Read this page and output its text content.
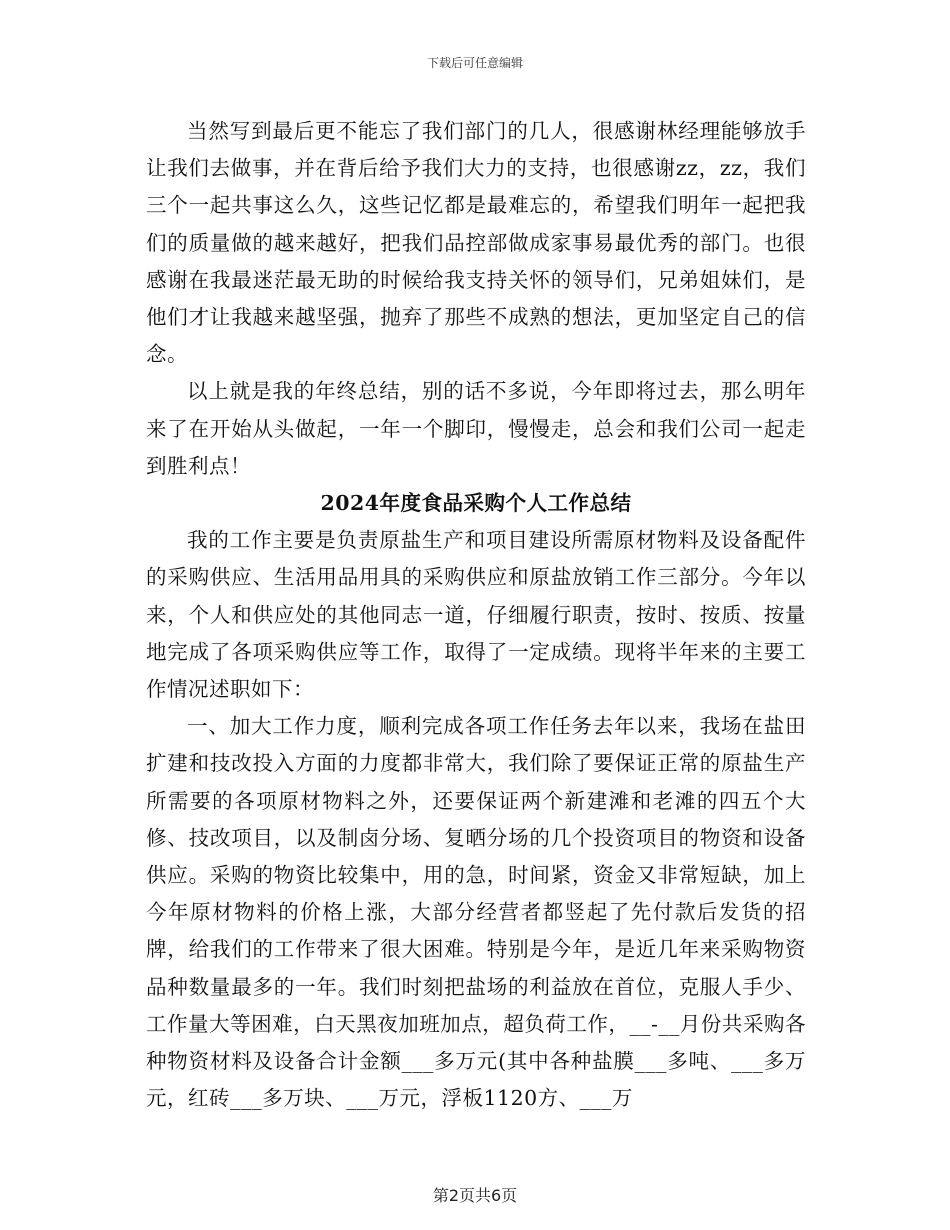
下载后可任意编辑

当然写到最后更不能忘了我们部门的几人，很感谢林经理能够放手让我们去做事，并在背后给予我们大力的支持，也很感谢zz，zz，我们三个一起共事这么久，这些记忆都是最难忘的，希望我们明年一起把我们的质量做的越来越好，把我们品控部做成家事易最优秀的部门。也很感谢在我最迷茫最无助的时候给我支持关怀的领导们，兄弟姐妹们，是他们才让我越来越坚强，抛弃了那些不成熟的想法，更加坚定自己的信念。

以上就是我的年终总结，别的话不多说，今年即将过去，那么明年来了在开始从头做起，一年一个脚印，慢慢走，总会和我们公司一起走到胜利点！

2024年度食品采购个人工作总结

我的工作主要是负责原盐生产和项目建设所需原材物料及设备配件的采购供应、生活用品用具的采购供应和原盐放销工作三部分。今年以来，个人和供应处的其他同志一道，仔细履行职责，按时、按质、按量地完成了各项采购供应等工作，取得了一定成绩。现将半年来的主要工作情况述职如下：

一、加大工作力度，顺利完成各项工作任务去年以来，我场在盐田扩建和技改投入方面的力度都非常大，我们除了要保证正常的原盐生产所需要的各项原材物料之外，还要保证两个新建滩和老滩的四五个大修、技改项目，以及制卤分场、复晒分场的几个投资项目的物资和设备供应。采购的物资比较集中，用的急，时间紧，资金又非常短缺，加上今年原材物料的价格上涨，大部分经营者都竖起了先付款后发货的招牌，给我们的工作带来了很大困难。特别是今年，是近几年来采购物资品种数量最多的一年。我们时刻把盐场的利益放在首位，克服人手少、工作量大等困难，白天黑夜加班加点，超负荷工作，__-__月份共采购各种物资材料及设备合计金额___多万元(其中各种盐膜___多吨、___多万元，红砖___多万块、___万元，浮板1120方、___万

第2页共6页
